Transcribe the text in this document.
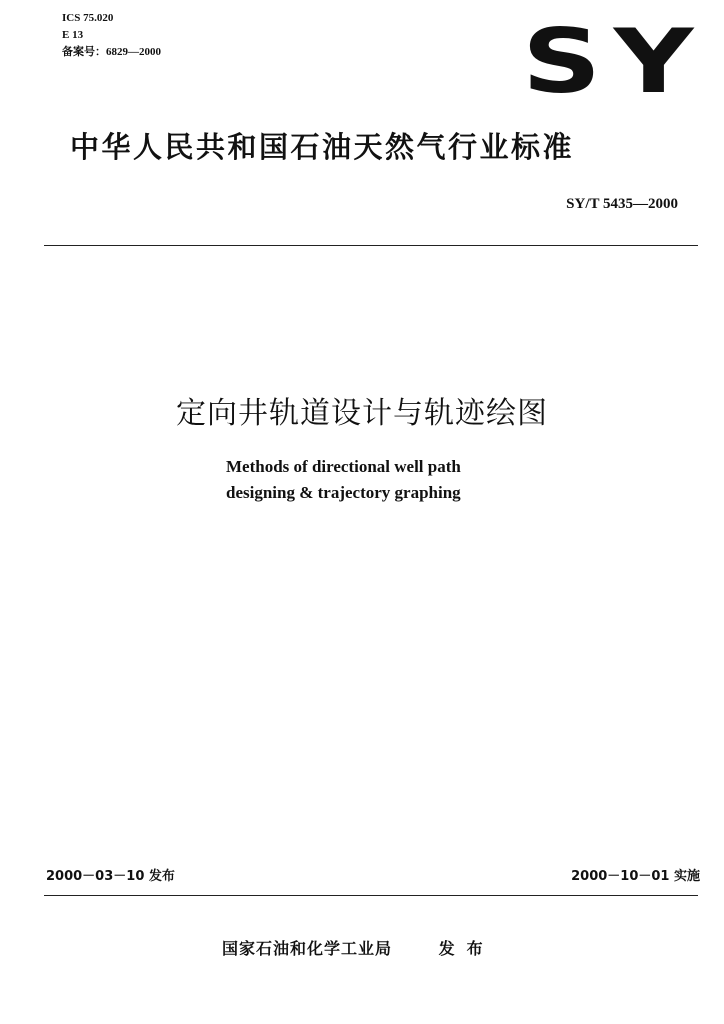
ICS 75.020
E 13
备案号：6829—2000	SY
中华人民共和国石油天然气行业标准
SY/T 5435—2000
定向井轨道设计与轨迹绘图
Methods of directional well path
designing & trajectory graphing
2000－03－10 发布	2000－10－01 实施
国家石油和化学工业局	发布
